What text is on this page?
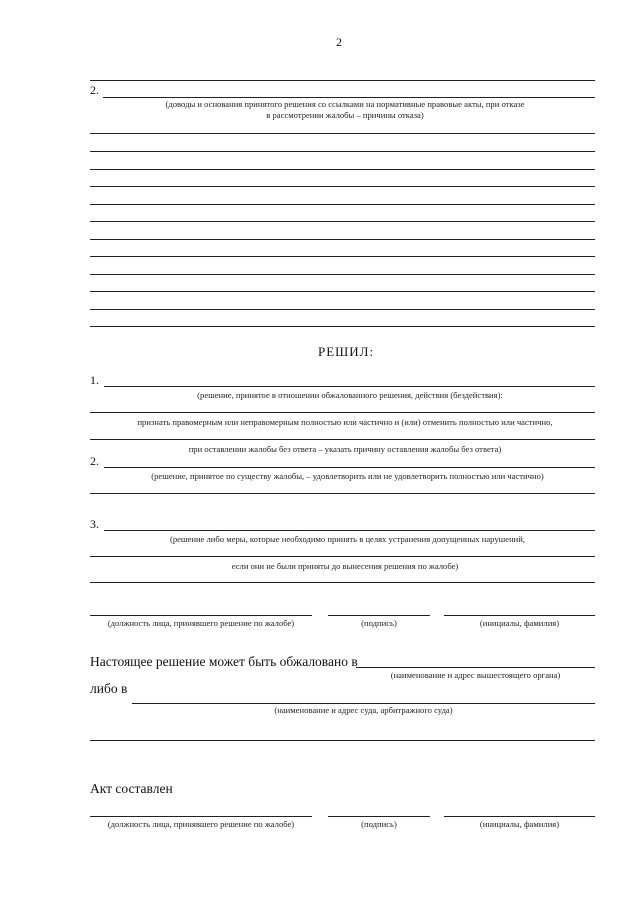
2
2.
(доводы и основания принятого решения со ссылками на нормативные правовые акты, при отказе
в рассмотрении жалобы – причины отказа)
РЕШИЛ:
1.
(решение, принятое в отношении обжалованного решения, действия (бездействия):
признать правомерным или неправомерным полностью или частично и (или) отменить полностью или частично,
при оставлении жалобы без ответа – указать причину оставления жалобы без ответа)
2.
(решение, принятое по существу жалобы, – удовлетворить или не удовлетворить полностью или частично)
3.
(решение либо меры, которые необходимо принять в целях устранения допущенных нарушений,
если они не были приняты до вынесения решения по жалобе)
(должность лица, принявшего решение по жалобе)	(подпись)	(инициалы, фамилия)
Настоящее решение может быть обжаловано в
(наименование и адрес вышестоящего органа)
либо в
(наименование и адрес суда, арбитражного суда)
Акт составлен
(должность лица, принявшего решение по жалобе)	(подпись)	(инициалы, фамилия)
